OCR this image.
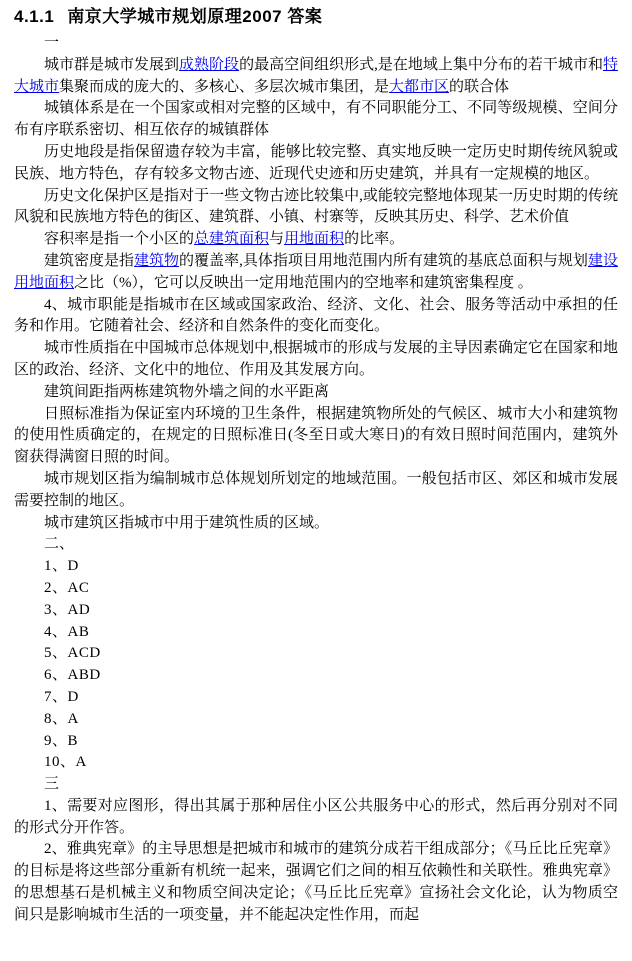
4.1.1 南京大学城市规划原理2007 答案

一

城市群是城市发展到成熟阶段的最高空间组织形式,是在地域上集中分布的若干城市和特大城市集聚而成的庞大的、多核心、多层次城市集团，是大都市区的联合体

城镇体系是在一个国家或相对完整的区域中，有不同职能分工、不同等级规模、空间分布有序联系密切、相互依存的城镇群体

历史地段是指保留遗存较为丰富，能够比较完整、真实地反映一定历史时期传统风貌或民族、地方特色，存有较多文物古迹、近现代史迹和历史建筑，并具有一定规模的地区。

历史文化保护区是指对于一些文物古迹比较集中,或能较完整地体现某一历史时期的传统风貌和民族地方特色的街区、建筑群、小镇、村寨等，反映其历史、科学、艺术价值

容积率是指一个小区的总建筑面积与用地面积的比率。

建筑密度是指建筑物的覆盖率,具体指项目用地范围内所有建筑的基底总面积与规划建设用地面积之比（%），它可以反映出一定用地范围内的空地率和建筑密集程度 。

4、城市职能是指城市在区域或国家政治、经济、文化、社会、服务等活动中承担的任务和作用。它随着社会、经济和自然条件的变化而变化。

城市性质指在中国城市总体规划中,根据城市的形成与发展的主导因素确定它在国家和地区的政治、经济、文化中的地位、作用及其发展方向。

建筑间距指两栋建筑物外墙之间的水平距离

日照标准指为保证室内环境的卫生条件，根据建筑物所处的气候区、城市大小和建筑物的使用性质确定的，在规定的日照标准日(冬至日或大寒日)的有效日照时间范围内，建筑外窗获得满窗日照的时间。

城市规划区指为编制城市总体规划所划定的地域范围。一般包括市区、郊区和城市发展需要控制的地区。

城市建筑区指城市中用于建筑性质的区域。

二、

1、D

2、AC

3、AD

4、AB

5、ACD

6、ABD

7、D

8、A

9、B

10、A

三

1、需要对应图形，得出其属于那种居住小区公共服务中心的形式，然后再分别对不同的形式分开作答。

2、雅典宪章》的主导思想是把城市和城市的建筑分成若干组成部分；《马丘比丘宪章》的目标是将这些部分重新有机统一起来，强调它们之间的相互依赖性和关联性。雅典宪章》的思想基石是机械主义和物质空间决定论；《马丘比丘宪章》宣扬社会文化论，认为物质空间只是影响城市生活的一项变量，并不能起决定性作用，而起
